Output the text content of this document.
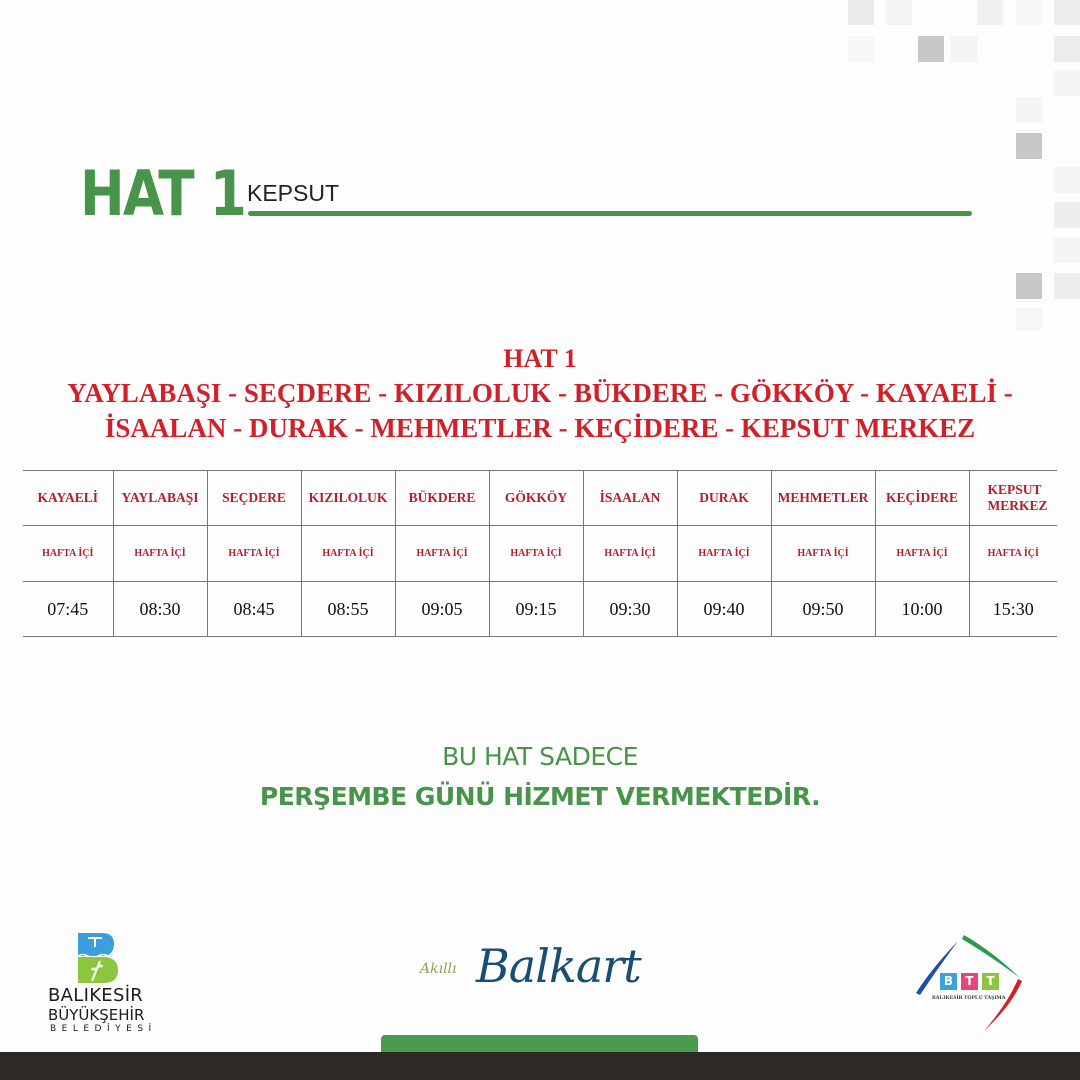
HAT 1 KEPSUT
HAT 1
YAYLABAŞI - SEÇDERE - KIZILOLUK - BÜKDERE - GÖKKÖY - KAYAELİ -
İSAALAN - DURAK - MEHMETLER - KEÇİDERE - KEPSUT MERKEZ
KAYAELİ	YAYLABAŞI	SEÇDERE	KIZILOLUK	BÜKDERE	GÖKKÖY	İSAALAN	DURAK	MEHMETLER	KEÇİDERE	KEPSUT MERKEZ
HAFTA İÇİ	HAFTA İÇİ	HAFTA İÇİ	HAFTA İÇİ	HAFTA İÇİ	HAFTA İÇİ	HAFTA İÇİ	HAFTA İÇİ	HAFTA İÇİ	HAFTA İÇİ	HAFTA İÇİ
07:45	08:30	08:45	08:55	09:05	09:15	09:30	09:40	09:50	10:00	15:30
BU HAT SADECE
PERŞEMBE GÜNÜ HİZMET VERMEKTEDİR.
BALIKESİR
BÜYÜKŞEHİR
BELEDİYESİ
Akıllı Balkart	B	T	T
BALIKESİR TOPLU TAŞIMA
